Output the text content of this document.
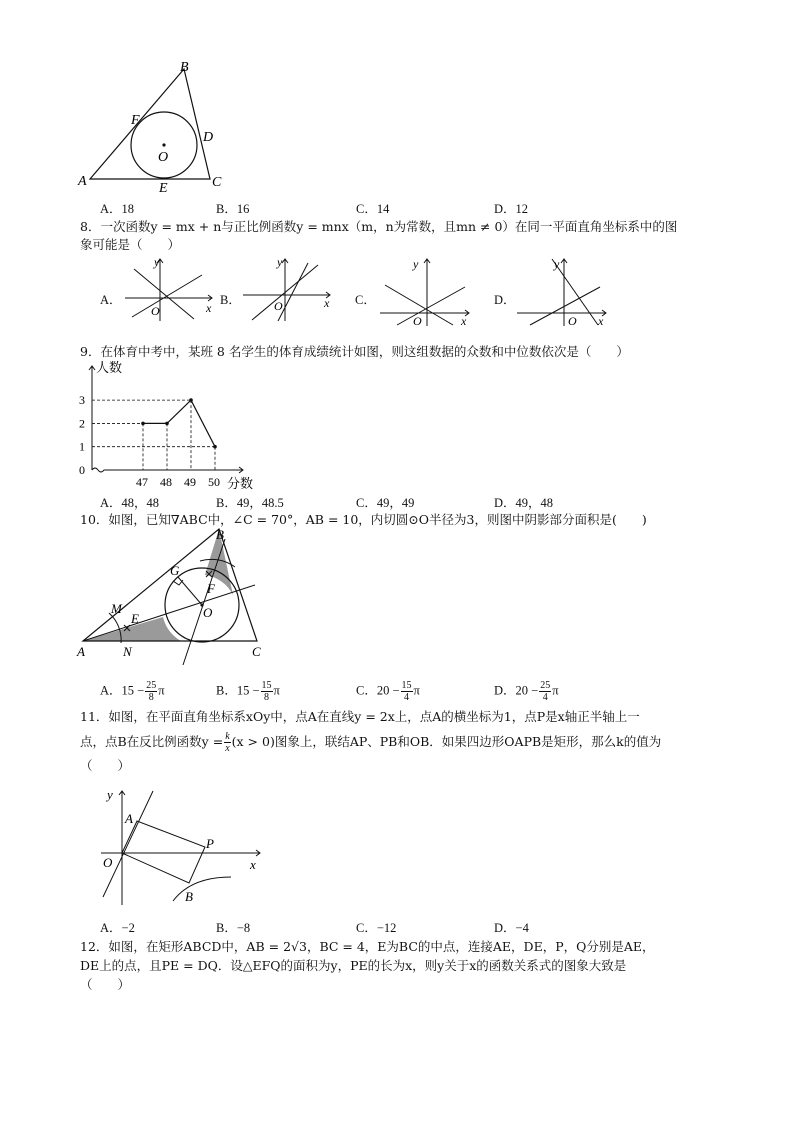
A
B
C
D
E
F
O
A．18	B．16	C．14	D．12
8．一次函数y = mx + n与正比例函数y = mnx（m，n为常数，且mn ≠ 0）在同一平面直角坐标系中的图
象可能是（　　）
A．
y
x
O
B．
y
x
O	C．
y
x
O
D．
y
x
O
9．在体育中考中，某班 8 名学生的体育成绩统计如图，则这组数据的众数和中位数依次是（　　）
0
1
2
3
47 48 49 50
人数
分数
A．48，48	B．49，48.5	C．49，49	D．49，48
10．如图，已知∇ABC中，∠C = 70°，AB = 10，内切圆⊙O半径为3，则图中阴影部分面积是(　　)
A
B
C
E
F
G
M
N
O
A．$15 - \frac{25}{8}$ π	B．$15 - \frac{15}{8}$ π	C．$20 - \frac{15}{4}$ π	D．$20 - \frac{25}{4}$ π
11．如图，在平面直角坐标系xOy中，点A在直线y = 2x上，点A的横坐标为1，点P是x轴正半轴上一
点，点B在反比例函数$y = \frac{k}{x} (x > 0)$图象上，联结AP、PB和OB．如果四边形OAPB是矩形，那么k的值为
（　　）
y
A
P
O	x
B
A．−2	B．−8	C．−12	D．−4
12．如图，在矩形ABCD中，AB = 2√3，BC = 4，E为BC的中点，连接AE，DE，P，Q分别是AE，
DE上的点，且PE = DQ．设△EFQ的面积为y，PE的长为x，则y关于x的函数关系式的图象大致是
（　　）
